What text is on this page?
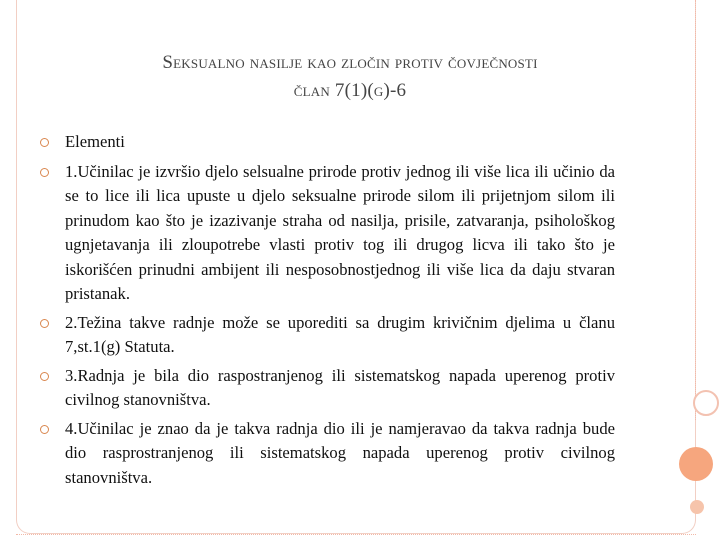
Seksualno nasilje kao zločin protiv čovječnosti
član 7(1)(g)-6
Elementi
1.Učinilac je izvršio djelo selsualne prirode protiv jednog ili više lica ili učinio da se to lice ili lica upuste u djelo seksualne prirode silom ili prijetnjom silom ili prinudom kao što je izazivanje straha od nasilja, prisile, zatvaranja, psihološkog ugnjetavanja ili zloupotrebe vlasti protiv tog ili drugog licva ili tako što je iskorišćen prinudni ambijent ili nesposobnostjednog ili više lica da daju stvaran pristanak.
2.Težina takve radnje može se uporediti sa drugim krivičnim djelima u članu 7,st.1(g) Statuta.
3.Radnja je bila dio raspostranjenog ili sistematskog napada uperenog protiv civilnog stanovništva.
4.Učinilac je znao da je takva radnja dio ili je namjeravao da takva radnja bude dio rasprostranjenog ili sistematskog napada uperenog protiv civilnog stanovništva.
